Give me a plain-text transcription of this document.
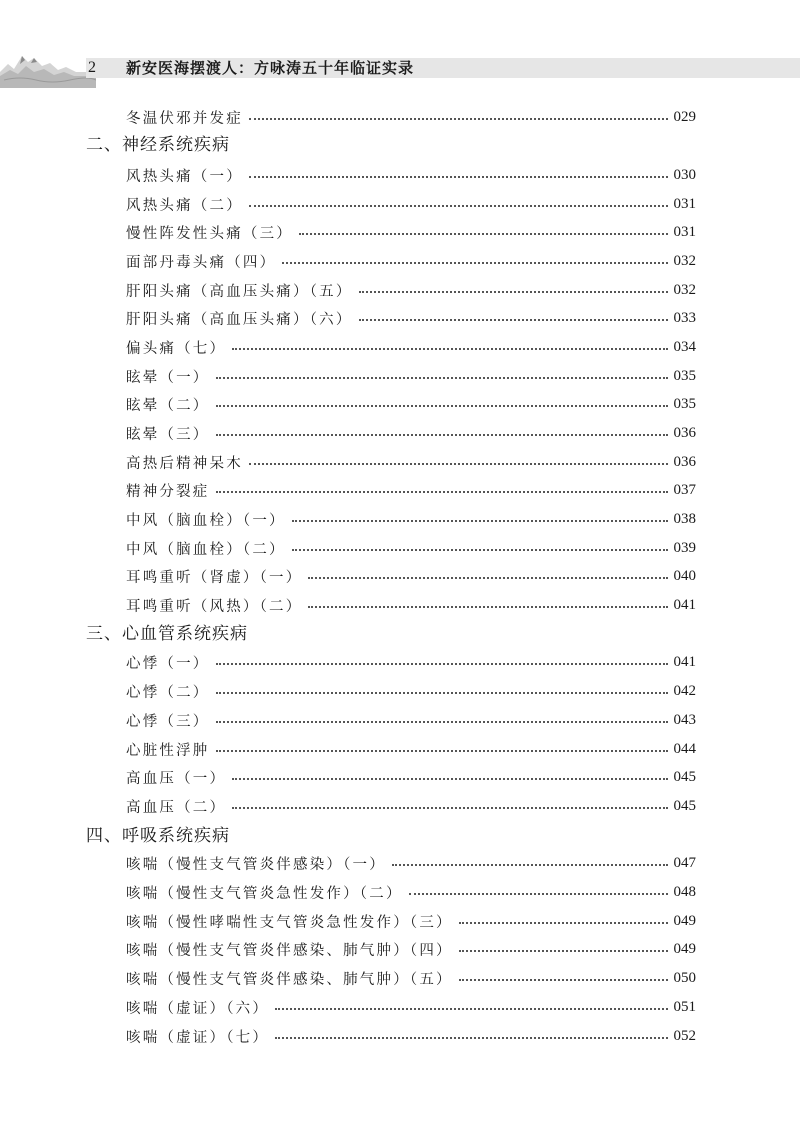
2 新安医海摆渡人：方咏涛五十年临证实录
冬温伏邪并发症	029
二、神经系统疾病
风热头痛（一）	030
风热头痛（二）	031
慢性阵发性头痛（三）	031
面部丹毒头痛（四）	032
肝阳头痛（高血压头痛）（五）	032
肝阳头痛（高血压头痛）（六）	033
偏头痛（七）	034
眩晕（一）	035
眩晕（二）	035
眩晕（三）	036
高热后精神呆木	036
精神分裂症	037
中风（脑血栓）（一）	038
中风（脑血栓）（二）	039
耳鸣重听（肾虚）（一）	040
耳鸣重听（风热）（二）	041
三、心血管系统疾病
心悸（一）	041
心悸（二）	042
心悸（三）	043
心脏性浮肿	044
高血压（一）	045
高血压（二）	045
四、呼吸系统疾病
咳喘（慢性支气管炎伴感染）（一）	047
咳喘（慢性支气管炎急性发作）（二）	048
咳喘（慢性哮喘性支气管炎急性发作）（三）	049
咳喘（慢性支气管炎伴感染、肺气肿）（四）	049
咳喘（慢性支气管炎伴感染、肺气肿）（五）	050
咳喘（虚证）（六）	051
咳喘（虚证）（七）	052
